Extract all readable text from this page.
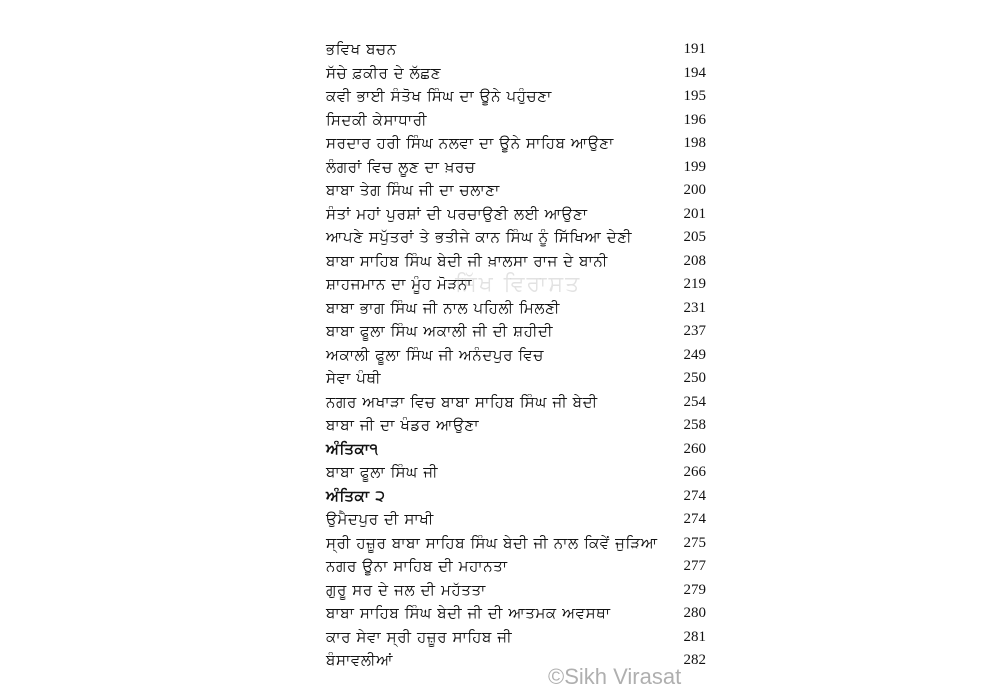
ਭਵਿਖ ਬਚਨ	191
ਸੱਚੇ ਫ਼ਕੀਰ ਦੇ ਲੱਛਣ	194
ਕਵੀ ਭਾਈ ਸੰਤੋਖ ਸਿੰਘ ਦਾ ਊਨੇ ਪਹੁੰਚਣਾ	195
ਸਿਦਕੀ ਕੇਸਾਧਾਰੀ	196
ਸਰਦਾਰ ਹਰੀ ਸਿੰਘ ਨਲਵਾ ਦਾ ਊਨੇ ਸਾਹਿਬ ਆਉਣਾ	198
ਲੰਗਰਾਂ ਵਿਚ ਲੂਣ ਦਾ ਖ਼ਰਚ	199
ਬਾਬਾ ਤੇਗ ਸਿੰਘ ਜੀ ਦਾ ਚਲਾਣਾ	200
ਸੰਤਾਂ ਮਹਾਂ ਪੁਰਸ਼ਾਂ ਦੀ ਪਰਚਾਉਣੀ ਲਈ ਆਉਣਾ	201
ਆਪਣੇ ਸਪੁੱਤਰਾਂ ਤੇ ਭਤੀਜੇ ਕਾਨ ਸਿੰਘ ਨੂੰ ਸਿੱਖਿਆ ਦੇਣੀ	205
ਬਾਬਾ ਸਾਹਿਬ ਸਿੰਘ ਬੇਦੀ ਜੀ ਖ਼ਾਲਸਾ ਰਾਜ ਦੇ ਬਾਨੀ	208
ਸ਼ਾਹਜਮਾਨ ਦਾ ਮੂੰਹ ਮੋੜਨਾ	219
ਬਾਬਾ ਭਾਗ ਸਿੰਘ ਜੀ ਨਾਲ ਪਹਿਲੀ ਮਿਲਣੀ	231
ਬਾਬਾ ਫੂਲਾ ਸਿੰਘ ਅਕਾਲੀ ਜੀ ਦੀ ਸ਼ਹੀਦੀ	237
ਅਕਾਲੀ ਫੂਲਾ ਸਿੰਘ ਜੀ ਅਨੰਦਪੁਰ ਵਿਚ	249
ਸੇਵਾ ਪੰਥੀ	250
ਨਗਰ ਅਖਾੜਾ ਵਿਚ ਬਾਬਾ ਸਾਹਿਬ ਸਿੰਘ ਜੀ ਬੇਦੀ	254
ਬਾਬਾ ਜੀ ਦਾ ਖੰਡਰ ਆਉਣਾ	258
ਅੰਤਿਕਾ੧	260
ਬਾਬਾ ਫੂਲਾ ਸਿੰਘ ਜੀ	266
ਅੰਤਿਕਾ ੨	274
ਉਮੈਦਪੁਰ ਦੀ ਸਾਖੀ	274
ਸ੍ਰੀ ਹਜ਼ੂਰ ਬਾਬਾ ਸਾਹਿਬ ਸਿੰਘ ਬੇਦੀ ਜੀ ਨਾਲ ਕਿਵੇਂ ਜੁੜਿਆ	275
ਨਗਰ ਊਨਾ ਸਾਹਿਬ ਦੀ ਮਹਾਨਤਾ	277
ਗੁਰੂ ਸਰ ਦੇ ਜਲ ਦੀ ਮਹੱਤਤਾ	279
ਬਾਬਾ ਸਾਹਿਬ ਸਿੰਘ ਬੇਦੀ ਜੀ ਦੀ ਆਤਮਕ ਅਵਸਥਾ	280
ਕਾਰ ਸੇਵਾ ਸ੍ਰੀ ਹਜ਼ੂਰ ਸਾਹਿਬ ਜੀ	281
ਬੰਸਾਵਲੀਆਂ	282
ਸਿੱਖ ਵਿਰਾਸਤ
©Sikh Virasat
